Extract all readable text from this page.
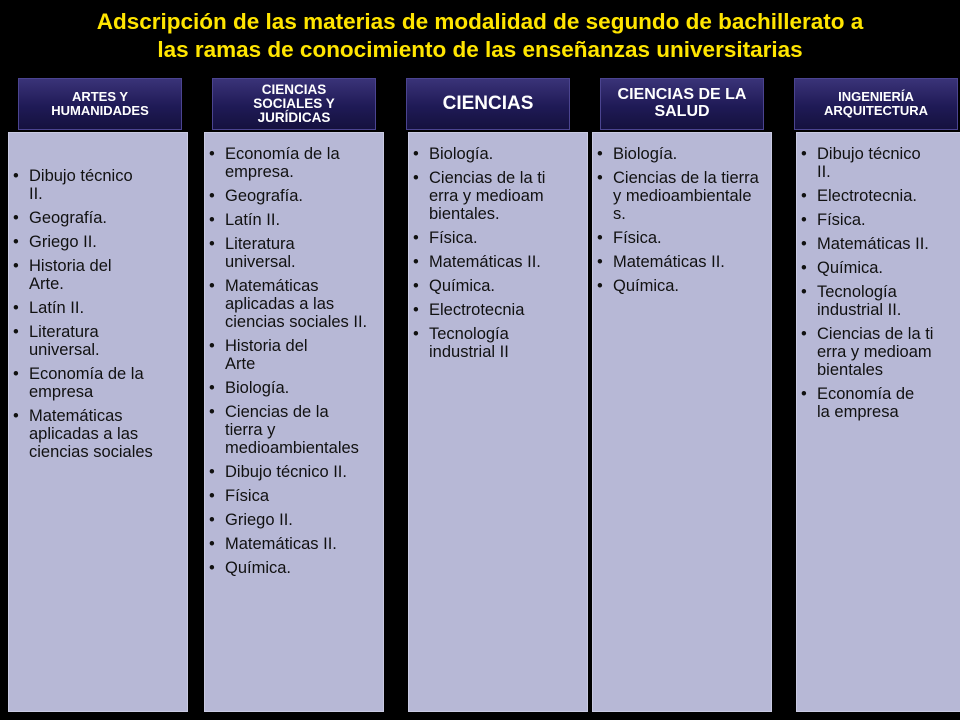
Adscripción de las materias de modalidad de segundo de bachillerato a
las ramas de conocimiento de las enseñanzas universitarias
ARTES Y HUMANIDADES
• Dibujo técnico II.
• Geografía.
• Griego II.
• Historia del Arte.
• Latín II.
• Literatura universal.
• Economía de la empresa
• Matemáticas aplicadas a las ciencias sociales
CIENCIAS SOCIALES Y JURÍDICAS
• Economía de la empresa.
• Geografía.
• Latín II.
• Literatura universal.
• Matemáticas aplicadas a las ciencias sociales II.
• Historia del Arte
• Biología.
• Ciencias de la tierra y medioambientales
• Dibujo técnico II.
• Física
• Griego II.
• Matemáticas II.
• Química.
CIENCIAS
• Biología.
• Ciencias de la tierra y medioambientales.
• Física.
• Matemáticas II.
• Química.
• Electrotecnia
• Tecnología industrial II
CIENCIAS DE LA SALUD
• Biología.
• Ciencias de la tierra y medioambientales.
• Física.
• Matemáticas II.
• Química.
INGENIERÍA ARQUITECTURA
• Dibujo técnico II.
• Electrotecnia.
• Física.
• Matemáticas II.
• Química.
• Tecnología industrial II.
• Ciencias de la tierra y medioambientales
• Economía de la empresa
